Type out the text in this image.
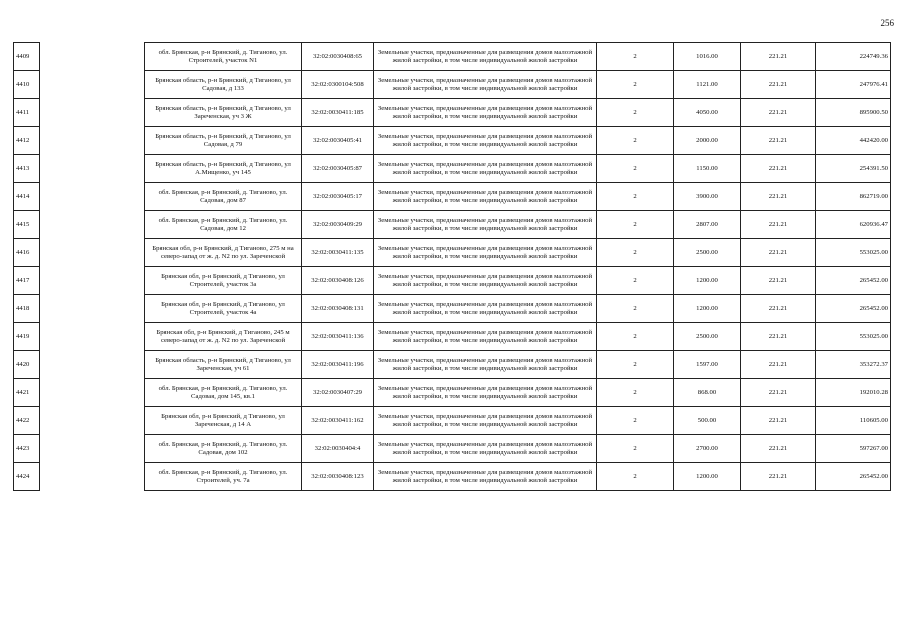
256
4409		обл. Брянская, р-н Брянский, д. Тиганово, ул. Строителей, участок N1	32:02:0030408:65	Земельные участки, предназначенные для размещения домов малоэтажной жилой застройки, в том числе индивидуальной жилой застройки	2	1016.00	221.21	224749.36
4410		Брянская область, р-н Брянский, д Тиганово, ул Садовая, д 133	32:02:0300104:508	Земельные участки, предназначенные для размещения домов малоэтажной жилой застройки, в том числе индивидуальной жилой застройки	2	1121.00	221.21	247976.41
4411		Брянская область, р-н Брянский, д Тиганово, ул Зареченская, уч 3 Ж	32:02:0030411:185	Земельные участки, предназначенные для размещения домов малоэтажной жилой застройки, в том числе индивидуальной жилой застройки	2	4050.00	221.21	895900.50
4412		Брянская область, р-н Брянский, д Тиганово, ул Садовая, д 79	32:02:0030405:41	Земельные участки, предназначенные для размещения домов малоэтажной жилой застройки, в том числе индивидуальной жилой застройки	2	2000.00	221.21	442420.00
4413		Брянская область, р-н Брянский, д Тиганово, ул А.Мищенко, уч 145	32:02:0030405:87	Земельные участки, предназначенные для размещения домов малоэтажной жилой застройки, в том числе индивидуальной жилой застройки	2	1150.00	221.21	254391.50
4414		обл. Брянская, р-н Брянский, д. Тиганово, ул. Садовая, дом 87	32:02:0030405:17	Земельные участки, предназначенные для размещения домов малоэтажной жилой застройки, в том числе индивидуальной жилой застройки	2	3900.00	221.21	862719.00
4415		обл. Брянская, р-н Брянский, д. Тиганово, ул. Садовая, дом 12	32:02:0030409:29	Земельные участки, предназначенные для размещения домов малоэтажной жилой застройки, в том числе индивидуальной жилой застройки	2	2807.00	221.21	620936.47
4416		Брянская обл, р-н Брянский, д Тиганово, 275 м на северо-запад от ж. д. N2 по ул. Зареченской	32:02:0030411:135	Земельные участки, предназначенные для размещения домов малоэтажной жилой застройки, в том числе индивидуальной жилой застройки	2	2500.00	221.21	553025.00
4417		Брянская обл, р-н Брянский, д Тиганово, ул Строителей, участок 3а	32:02:0030408:126	Земельные участки, предназначенные для размещения домов малоэтажной жилой застройки, в том числе индивидуальной жилой застройки	2	1200.00	221.21	265452.00
4418		Брянская обл, р-н Брянский, д Тиганово, ул Строителей, участок 4а	32:02:0030408:131	Земельные участки, предназначенные для размещения домов малоэтажной жилой застройки, в том числе индивидуальной жилой застройки	2	1200.00	221.21	265452.00
4419		Брянская обл, р-н Брянский, д Тиганово, 245 м северо-запад от ж. д. N2 по ул. Зареченской	32:02:0030411:136	Земельные участки, предназначенные для размещения домов малоэтажной жилой застройки, в том числе индивидуальной жилой застройки	2	2500.00	221.21	553025.00
4420		Брянская область, р-н Брянский, д Тиганово, ул Зареченская, уч 61	32:02:0030411:196	Земельные участки, предназначенные для размещения домов малоэтажной жилой застройки, в том числе индивидуальной жилой застройки	2	1597.00	221.21	353272.37
4421		обл. Брянская, р-н Брянский, д. Тиганово, ул. Садовая, дом 145, кв.1	32:02:0030407:29	Земельные участки, предназначенные для размещения домов малоэтажной жилой застройки, в том числе индивидуальной жилой застройки	2	868.00	221.21	192010.28
4422		Брянская обл, р-н Брянский, д Тиганово, ул Зареченская, д 14 А	32:02:0030411:162	Земельные участки, предназначенные для размещения домов малоэтажной жилой застройки, в том числе индивидуальной жилой застройки	2	500.00	221.21	110605.00
4423		обл. Брянская, р-н Брянский, д. Тиганово, ул. Садовая, дом 102	32:02:0030404:4	Земельные участки, предназначенные для размещения домов малоэтажной жилой застройки, в том числе индивидуальной жилой застройки	2	2700.00	221.21	597267.00
4424		обл. Брянская, р-н Брянский, д. Тиганово, ул. Строителей, уч. 7а	32:02:0030408:123	Земельные участки, предназначенные для размещения домов малоэтажной жилой застройки, в том числе индивидуальной жилой застройки	2	1200.00	221.21	265452.00
